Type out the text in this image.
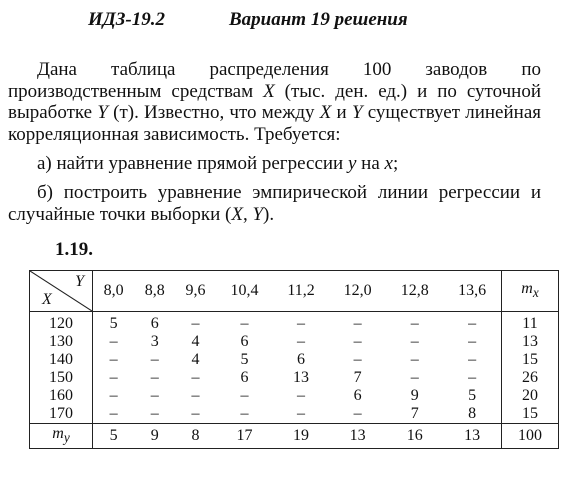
ИДЗ-19.2	Вариант 19 решения
Дана таблица распределения 100 заводов по производственным средствам X (тыс. ден. ед.) и по суточной выработке Y (т). Известно, что между X и Y существует линейная корреляционная зависимость. Требуется:
а) найти уравнение прямой регрессии y на x;
б) построить уравнение эмпирической линии регрессии и случайные точки выборки (X, Y).
1.19.
Y
X	8,0	8,8	9,6	10,4	11,2	12,0	12,8	13,6	$m_x$
120	5	6	–	–	–	–	–	–	11
130	–	3	4	6	–	–	–	–	13
140	–	–	4	5	6	–	–	–	15
150	–	–	–	6	13	7	–	–	26
160	–	–	–	–	–	6	9	5	20
170	–	–	–	–	–	–	7	8	15
$m_y$	5	9	8	17	19	13	16	13	100
